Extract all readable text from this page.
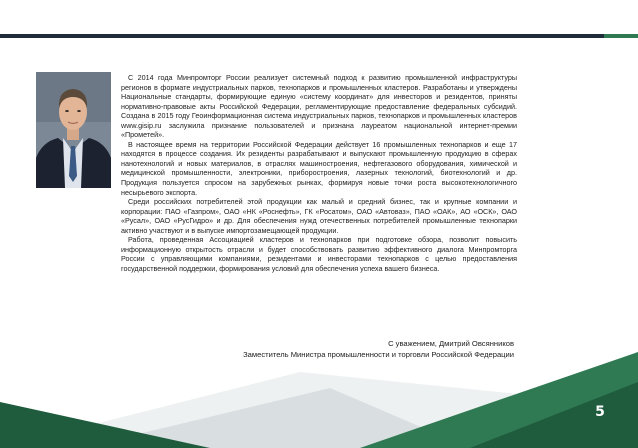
С 2014 года Минпромторг России реализует системный подход к развитию промышленной инфраструктуры регионов в формате индустриальных парков, технопарков и промышленных кластеров. Разработаны и утверждены Национальные стандарты, формирующие единую «систему координат» для инвесторов и резидентов, приняты нормативно-правовые акты Российской Федерации, регламентирующие предоставление федеральных субсидий. Создана в 2015 году Геоинформационная система индустриальных парков, технопарков и промышленных кластеров www.gisip.ru заслужила признание пользователей и признана лауреатом национальной интернет-премии «Прометей».

В настоящее время на территории Российской Федерации действует 16 промышленных технопарков и еще 17 находятся в процессе создания. Их резиденты разрабатывают и выпускают промышленную продукцию в сферах нанотехнологий и новых материалов, в отраслях машиностроения, нефтегазового оборудования, химической и медицинской промышленности, электроники, приборостроения, лазерных технологий, биотехнологий и др. Продукция пользуется спросом на зарубежных рынках, формируя новые точки роста высокотехнологичного несырьевого экспорта.

Среди российских потребителей этой продукции как малый и средний бизнес, так и крупные компании и корпорации: ПАО «Газпром», ОАО «НК «Роснефть», ГК «Росатом», ОАО «Автоваз», ПАО «ОАК», АО «ОСК», ОАО «Русал», ОАО «РусГидро» и др. Для обеспечения нужд отечественных потребителей промышленные технопарки активно участвуют и в выпуске импортозамещающей продукции.

Работа, проведенная Ассоциацией кластеров и технопарков при подготовке обзора, позволит повысить информационную открытость отрасли и будет способствовать развитию эффективного диалога Минпромторга России с управляющими компаниями, резидентами и инвесторами технопарков с целью предоставления государственной поддержки, формирования условий для обеспечения успеха вашего бизнеса.

С уважением, Дмитрий Овсянников
Заместитель Министра промышленности и торговли Российской Федерации
5
